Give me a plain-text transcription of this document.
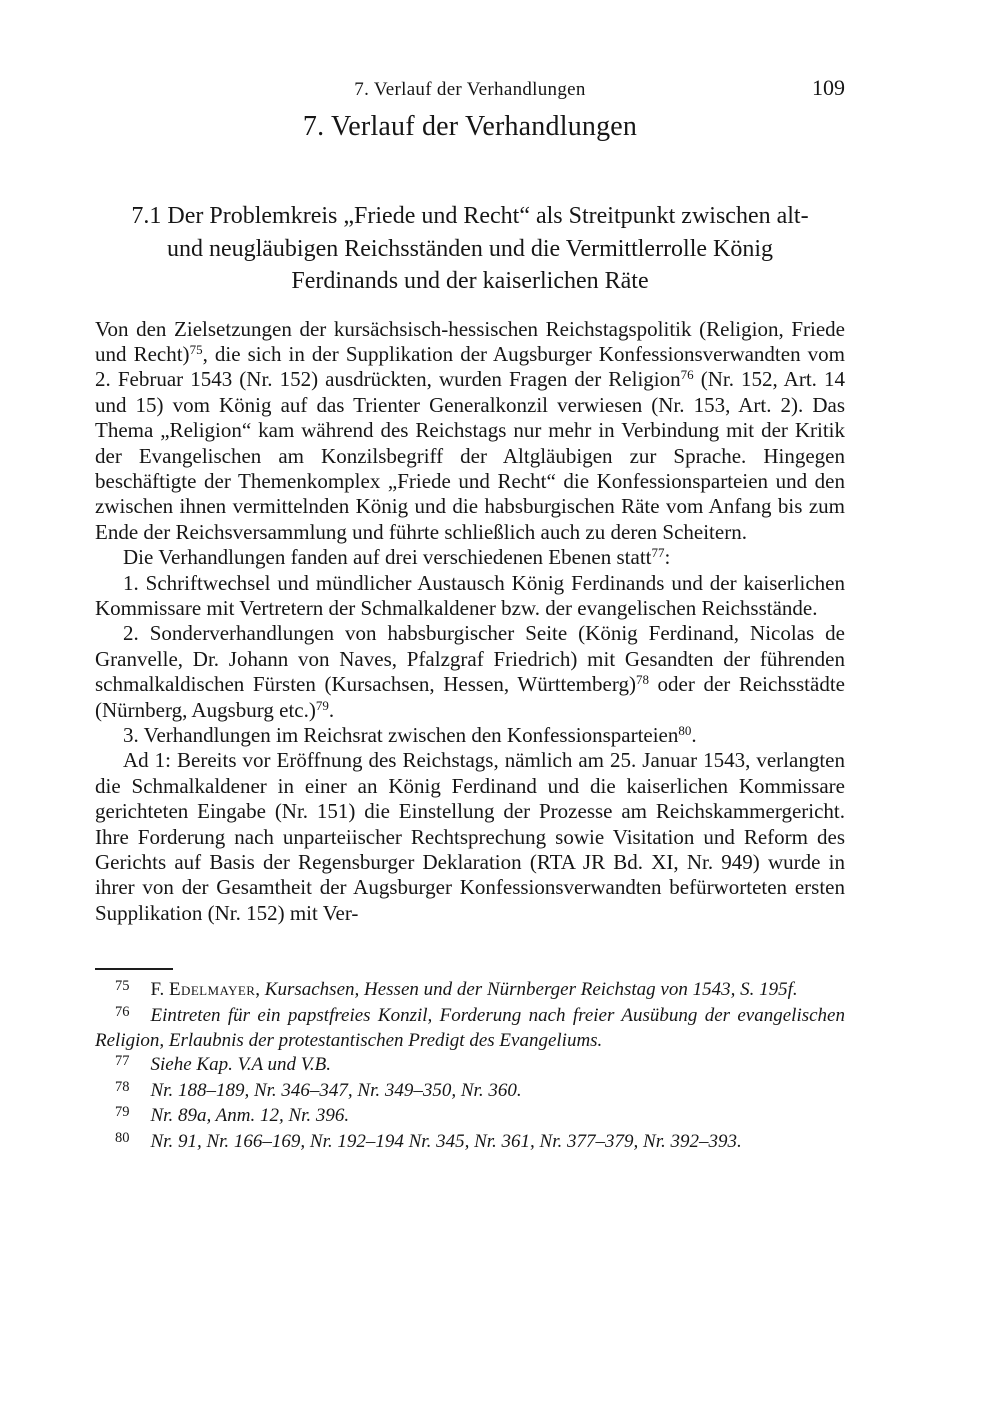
7. Verlauf der Verhandlungen	109
7. Verlauf der Verhandlungen
7.1 Der Problemkreis „Friede und Recht“ als Streitpunkt zwischen alt-
und neugläubigen Reichsständen und die Vermittlerrolle König
Ferdinands und der kaiserlichen Räte

Von den Zielsetzungen der kursächsisch-hessischen Reichstagspolitik (Religion, Friede und Recht)$^{75}$, die sich in der Supplikation der Augsburger Konfessionsverwandten vom 2. Februar 1543 (Nr. 152) ausdrückten, wurden Fragen der Religion$^{76}$ (Nr. 152, Art. 14 und 15) vom König auf das Trienter Generalkonzil verwiesen (Nr. 153, Art. 2). Das Thema „Religion“ kam während des Reichstags nur mehr in Verbindung mit der Kritik der Evangelischen am Konzilsbegriff der Altgläubigen zur Sprache. Hingegen beschäftigte der Themenkomplex „Friede und Recht“ die Konfessionsparteien und den zwischen ihnen vermittelnden König und die habsburgischen Räte vom Anfang bis zum Ende der Reichsversammlung und führte schließlich auch zu deren Scheitern.

Die Verhandlungen fanden auf drei verschiedenen Ebenen statt$^{77}$:

1. Schriftwechsel und mündlicher Austausch König Ferdinands und der kaiserlichen Kommissare mit Vertretern der Schmalkaldener bzw. der evangelischen Reichsstände.

2. Sonderverhandlungen von habsburgischer Seite (König Ferdinand, Nicolas de Granvelle, Dr. Johann von Naves, Pfalzgraf Friedrich) mit Gesandten der führenden schmalkaldischen Fürsten (Kursachsen, Hessen, Württemberg)$^{78}$ oder der Reichsstädte (Nürnberg, Augsburg etc.)$^{79}$.

3. Verhandlungen im Reichsrat zwischen den Konfessionsparteien$^{80}$.

Ad 1: Bereits vor Eröffnung des Reichstags, nämlich am 25. Januar 1543, verlangten die Schmalkaldener in einer an König Ferdinand und die kaiserlichen Kommissare gerichteten Eingabe (Nr. 151) die Einstellung der Prozesse am Reichskammergericht. Ihre Forderung nach unparteiischer Rechtsprechung sowie Visitation und Reform des Gerichts auf Basis der Regensburger Deklaration (RTA JR Bd. XI, Nr. 949) wurde in ihrer von der Gesamtheit der Augsburger Konfessionsverwandten befürworteten ersten Supplikation (Nr. 152) mit Ver-

$^{75}$ F. Edelmayer, Kursachsen, Hessen und der Nürnberger Reichstag von 1543, S. 195f.
$^{76}$ Eintreten für ein papstfreies Konzil, Forderung nach freier Ausübung der evangelischen Religion, Erlaubnis der protestantischen Predigt des Evangeliums.
$^{77}$ Siehe Kap. V.A und V.B.
$^{78}$ Nr. 188–189, Nr. 346–347, Nr. 349–350, Nr. 360.
$^{79}$ Nr. 89a, Anm. 12, Nr. 396.
$^{80}$ Nr. 91, Nr. 166–169, Nr. 192–194 Nr. 345, Nr. 361, Nr. 377–379, Nr. 392–393.
